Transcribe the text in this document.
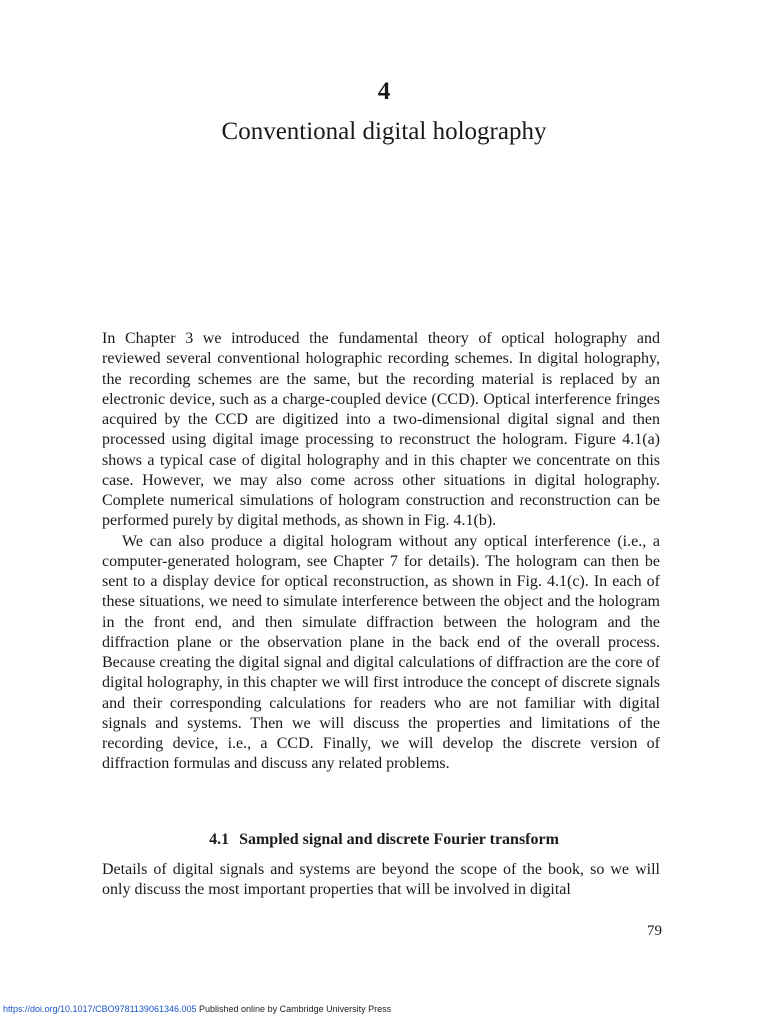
4
Conventional digital holography

In Chapter 3 we introduced the fundamental theory of optical holography and reviewed several conventional holographic recording schemes. In digital holography, the recording schemes are the same, but the recording material is replaced by an electronic device, such as a charge-coupled device (CCD). Optical interference fringes acquired by the CCD are digitized into a two-dimensional digital signal and then processed using digital image processing to reconstruct the hologram. Figure 4.1(a) shows a typical case of digital holography and in this chapter we concentrate on this case. However, we may also come across other situations in digital holography. Complete numerical simulations of hologram construction and reconstruction can be performed purely by digital methods, as shown in Fig. 4.1(b).

We can also produce a digital hologram without any optical interference (i.e., a computer-generated hologram, see Chapter 7 for details). The hologram can then be sent to a display device for optical reconstruction, as shown in Fig. 4.1(c). In each of these situations, we need to simulate interference between the object and the hologram in the front end, and then simulate diffraction between the hologram and the diffraction plane or the observation plane in the back end of the overall process. Because creating the digital signal and digital calculations of diffraction are the core of digital holography, in this chapter we will first introduce the concept of discrete signals and their corresponding calculations for readers who are not familiar with digital signals and systems. Then we will discuss the properties and limitations of the recording device, i.e., a CCD. Finally, we will develop the discrete version of diffraction formulas and discuss any related problems.

4.1 Sampled signal and discrete Fourier transform

Details of digital signals and systems are beyond the scope of the book, so we will only discuss the most important properties that will be involved in digital

79
https://doi.org/10.1017/CBO9781139061346.005 Published online by Cambridge University Press
